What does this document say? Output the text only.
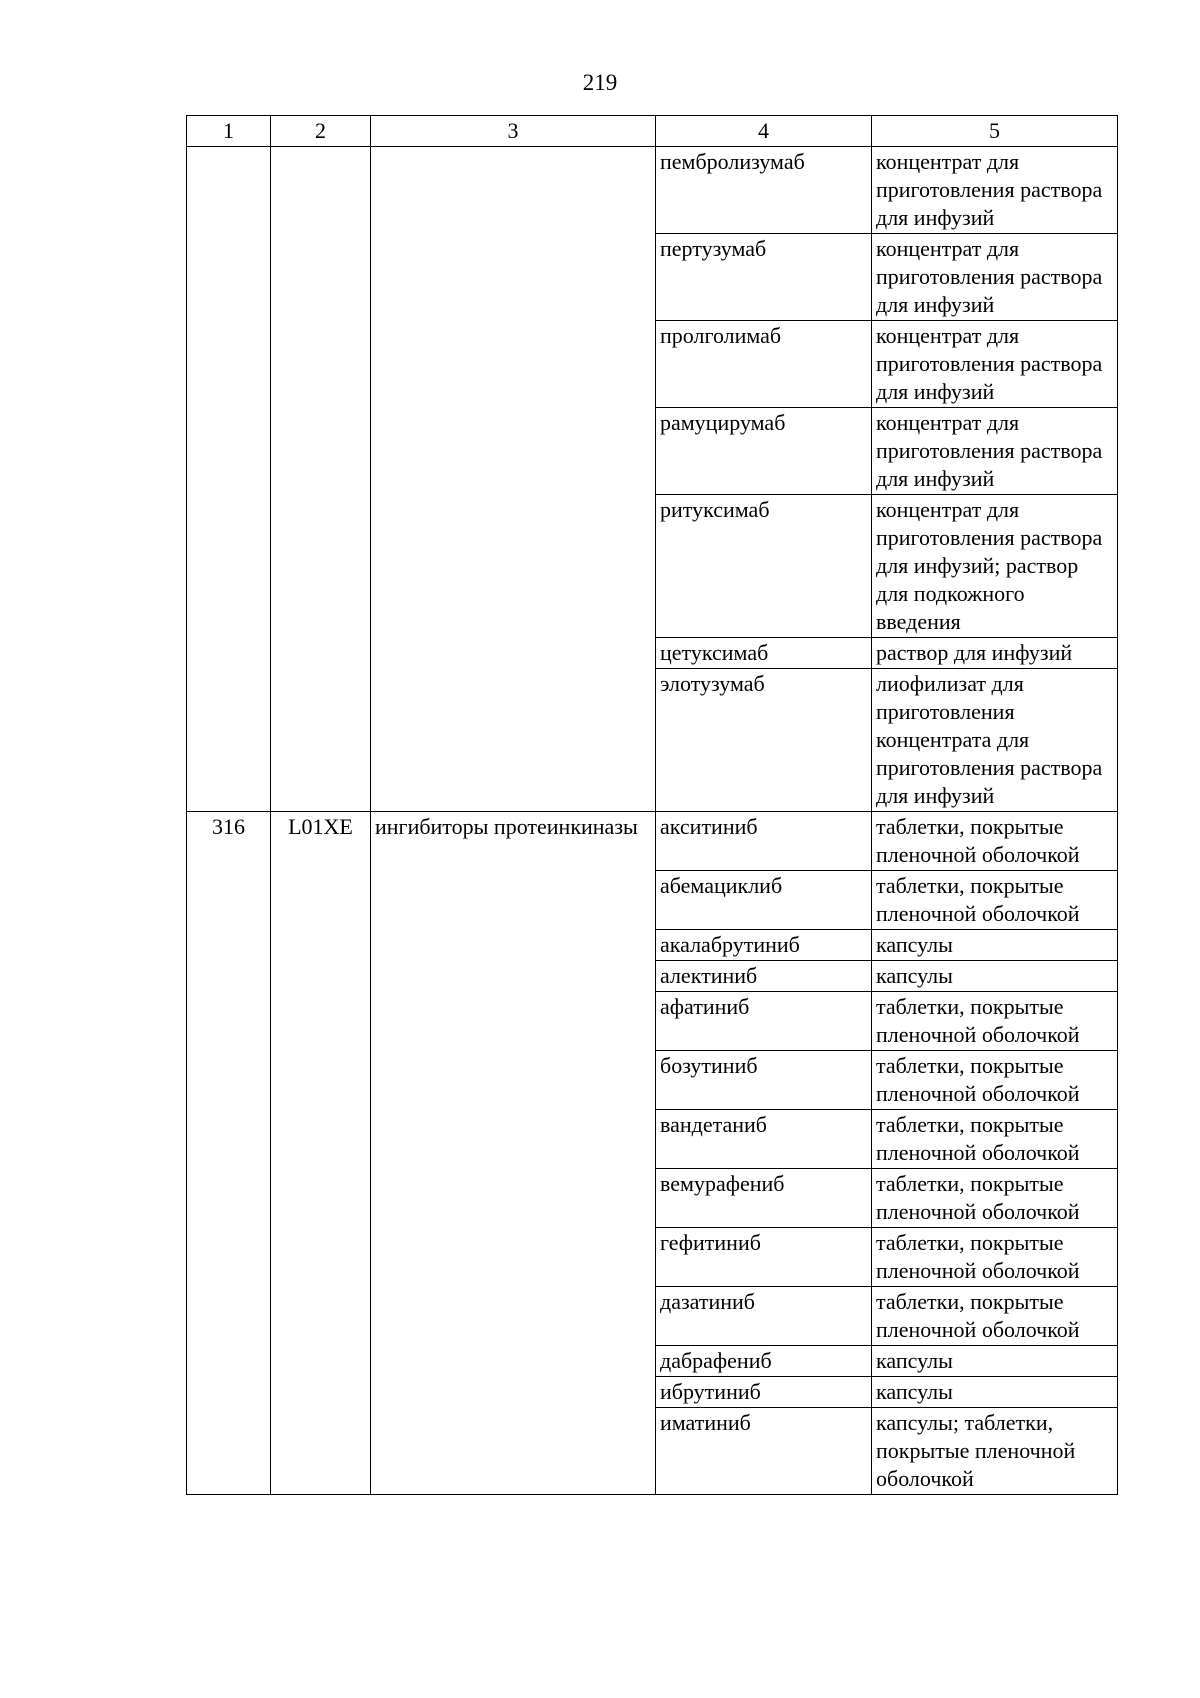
219
1	2	3	4	5
			пембролизумаб	концентрат для приготовления раствора для инфузий
			пертузумаб	концентрат для приготовления раствора для инфузий
			пролголимаб	концентрат для приготовления раствора для инфузий
			рамуцирумаб	концентрат для приготовления раствора для инфузий
			ритуксимаб	концентрат для приготовления раствора для инфузий; раствор для подкожного введения
			цетуксимаб	раствор для инфузий
			элотузумаб	лиофилизат для приготовления концентрата для приготовления раствора для инфузий
316	L01XE	ингибиторы протеинкиназы	акситиниб	таблетки, покрытые пленочной оболочкой
			абемациклиб	таблетки, покрытые пленочной оболочкой
			акалабрутиниб	капсулы
			алектиниб	капсулы
			афатиниб	таблетки, покрытые пленочной оболочкой
			бозутиниб	таблетки, покрытые пленочной оболочкой
			вандетаниб	таблетки, покрытые пленочной оболочкой
			вемурафениб	таблетки, покрытые пленочной оболочкой
			гефитиниб	таблетки, покрытые пленочной оболочкой
			дазатиниб	таблетки, покрытые пленочной оболочкой
			дабрафениб	капсулы
			ибрутиниб	капсулы
			иматиниб	капсулы; таблетки, покрытые пленочной оболочкой
